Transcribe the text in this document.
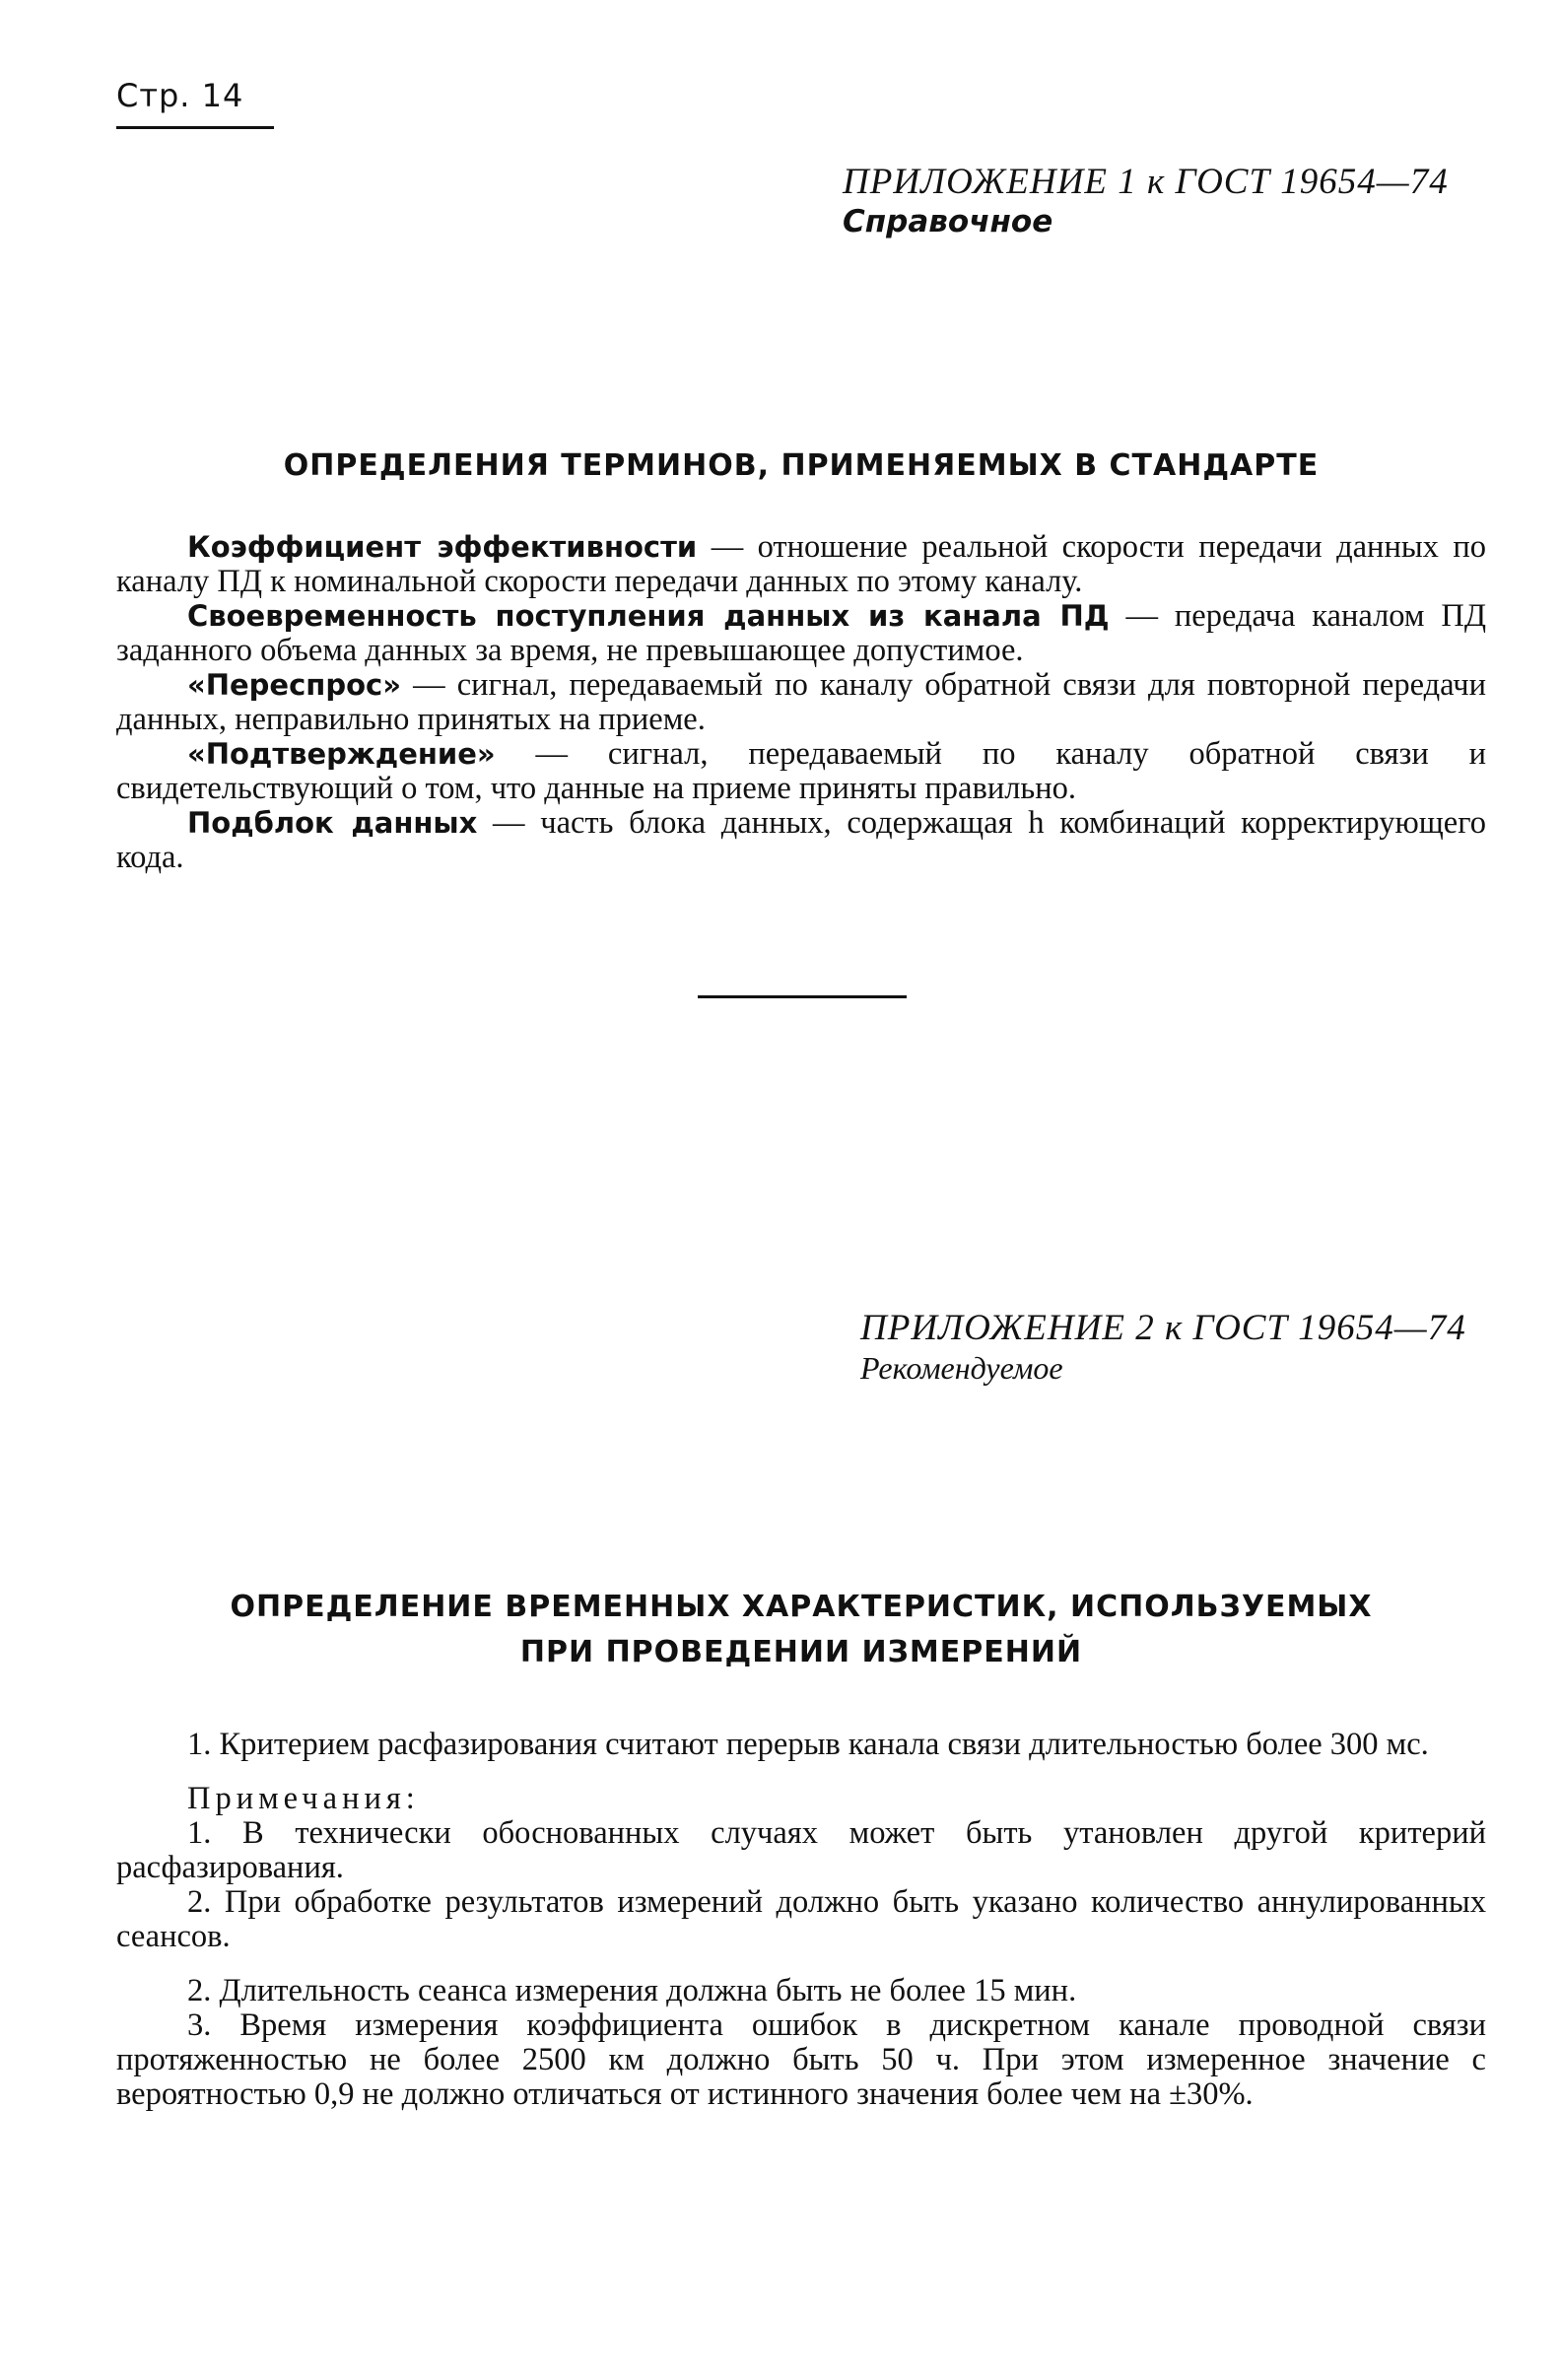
Стр. 14
ПРИЛОЖЕНИЕ 1 к ГОСТ 19654—74
Справочное
ОПРЕДЕЛЕНИЯ ТЕРМИНОВ, ПРИМЕНЯЕМЫХ В СТАНДАРТЕ

Коэффициент эффективности — отношение реальной скорости передачи данных по каналу ПД к номинальной скорости передачи данных по этому каналу.

Своевременность поступления данных из канала ПД — передача каналом ПД заданного объема данных за время, не превышающее допустимое.

«Переспрос» — сигнал, передаваемый по каналу обратной связи для повторной передачи данных, неправильно принятых на приеме.

«Подтверждение» — сигнал, передаваемый по каналу обратной связи и свидетельствующий о том, что данные на приеме приняты правильно.

Подблок данных — часть блока данных, содержащая h комбинаций корректирующего кода.

ПРИЛОЖЕНИЕ 2 к ГОСТ 19654—74
Рекомендуемое
ОПРЕДЕЛЕНИЕ ВРЕМЕННЫХ ХАРАКТЕРИСТИК, ИСПОЛЬЗУЕМЫХ
ПРИ ПРОВЕДЕНИИ ИЗМЕРЕНИЙ

1. Критерием расфазирования считают перерыв канала связи длительностью более 300 мс.

Примечания:

1. В технически обоснованных случаях может быть утановлен другой критерий расфазирования.

2. При обработке результатов измерений должно быть указано количество аннулированных сеансов.

2. Длительность сеанса измерения должна быть не более 15 мин.

3. Время измерения коэффициента ошибок в дискретном канале проводной связи протяженностью не более 2500 км должно быть 50 ч. При этом измеренное значение с вероятностью 0,9 не должно отличаться от истинного значения более чем на ±30%.
